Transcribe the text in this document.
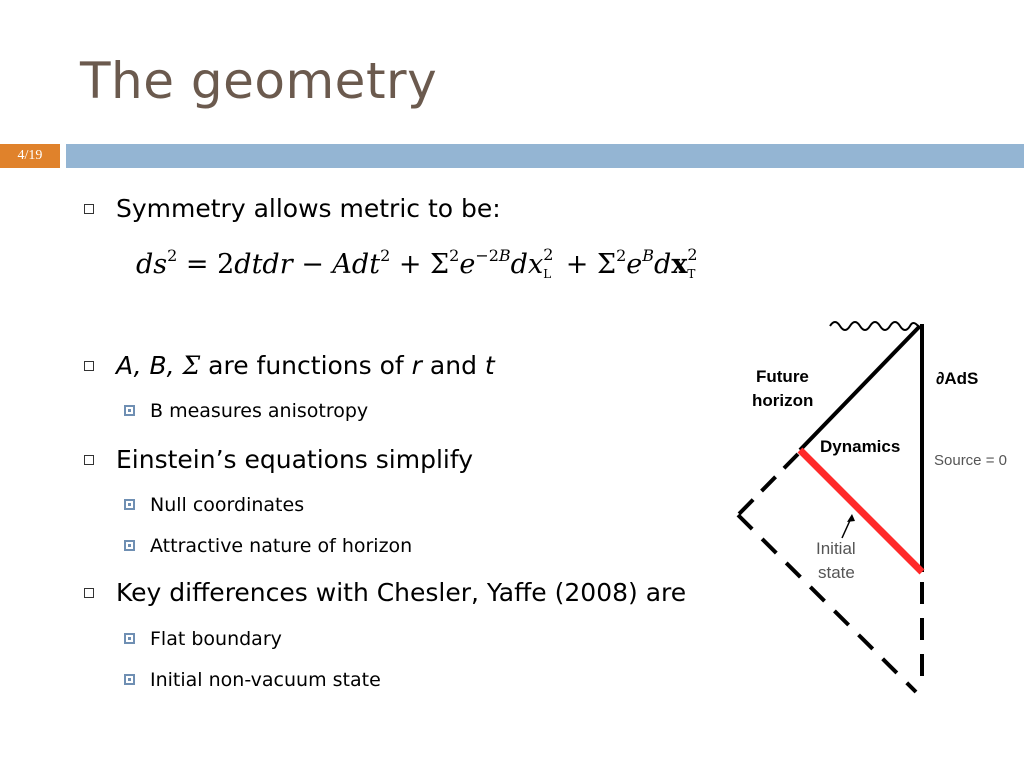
The geometry
4/19
Symmetry allows metric to be:
$ds^2$ = 2dtdr − $Adt^2 + \Sigma^2e^{-2B}dx$ 2
$L + \Sigma^2e^Bdx$ 2
T
A, B, Σ are functions of r and t
B measures anisotropy
Einstein’s equations simplify
Null coordinates
Attractive nature of horizon
Key differences with Chesler, Yaffe (2008) are
Flat boundary
Initial non-vacuum state
Future
horizon
∂AdS
Dynamics
Source = 0
Initial
state
